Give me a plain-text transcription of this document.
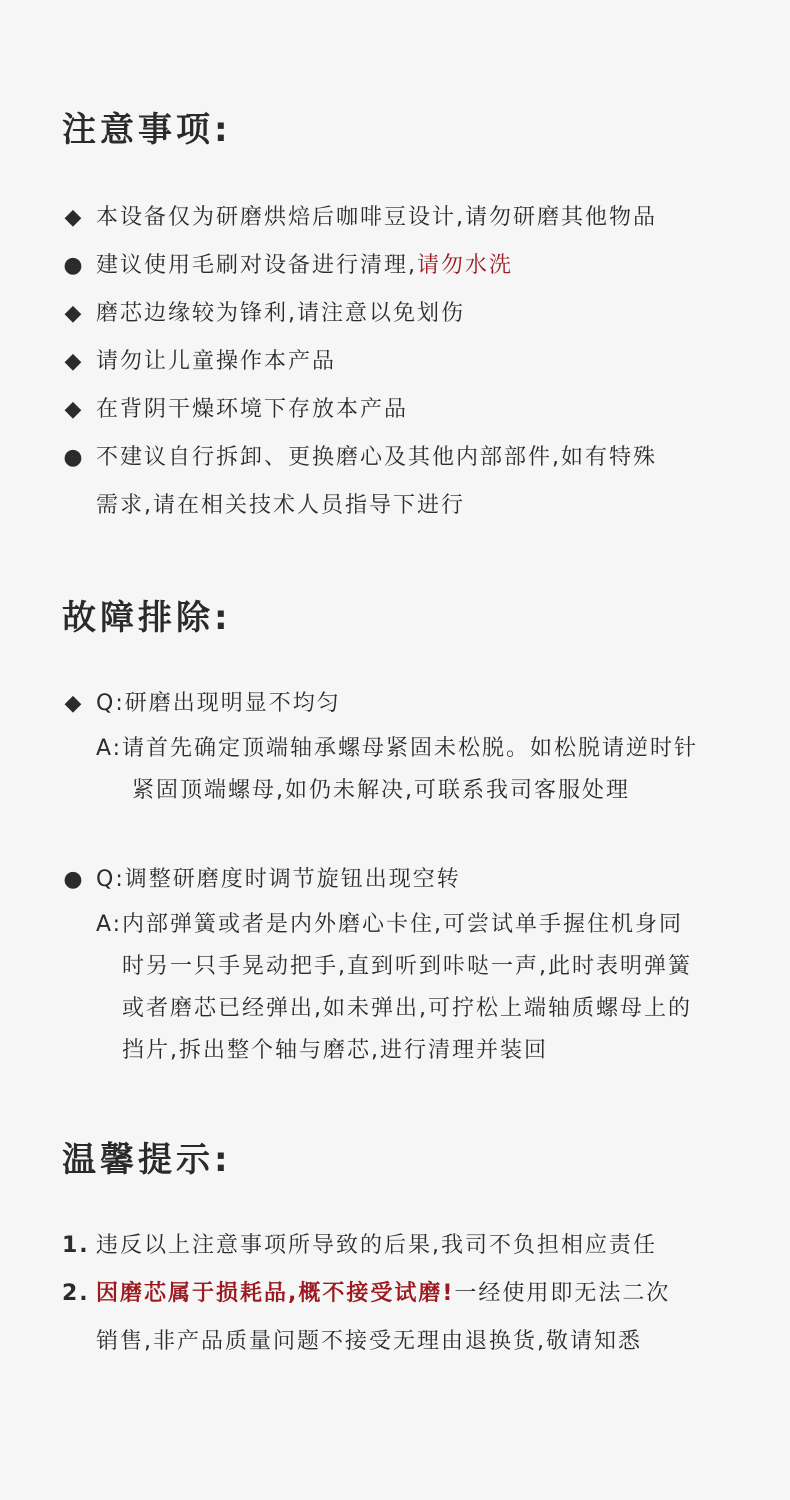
注意事项:
◆ 本设备仅为研磨烘焙后咖啡豆设计,请勿研磨其他物品
● 建议使用毛刷对设备进行清理,请勿水洗
◆ 磨芯边缘较为锋利,请注意以免划伤
◆ 请勿让儿童操作本产品
◆ 在背阴干燥环境下存放本产品
● 不建议自行拆卸、更换磨心及其他内部部件,如有特殊
需求,请在相关技术人员指导下进行
故障排除:
◆ Q:研磨出现明显不均匀
A: 请首先确定顶端轴承螺母紧固未松脱。如松脱请逆时针
紧固顶端螺母,如仍未解决,可联系我司客服处理
● Q:调整研磨度时调节旋钮出现空转
A: 内部弹簧或者是内外磨心卡住,可尝试单手握住机身同
时另一只手晃动把手,直到听到咔哒一声,此时表明弹簧
或者磨芯已经弹出,如未弹出,可拧松上端轴质螺母上的
挡片,拆出整个轴与磨芯,进行清理并装回
温馨提示:
1. 违反以上注意事项所导致的后果,我司不负担相应责任
2. 因磨芯属于损耗品,概不接受试磨!一经使用即无法二次
销售,非产品质量问题不接受无理由退换货,敬请知悉
